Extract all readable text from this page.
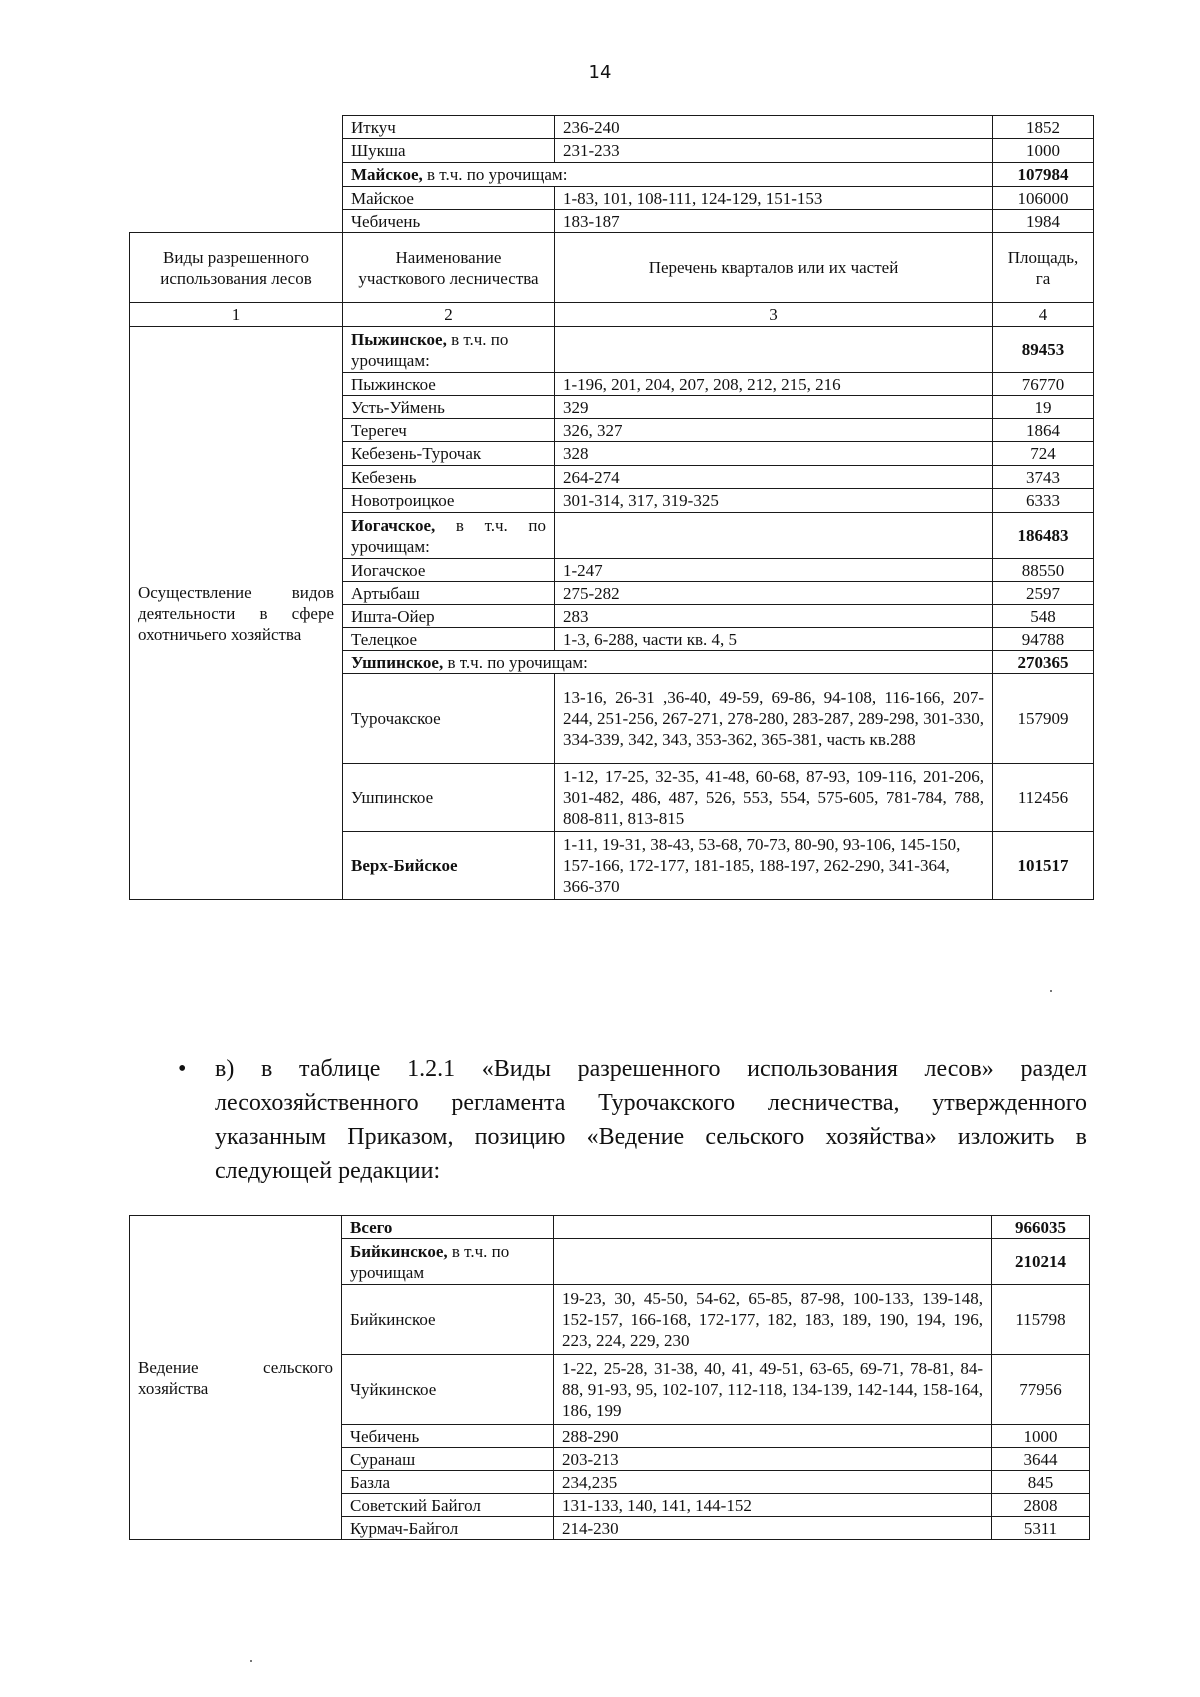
14
	Иткуч	236-240	1852
	Шукша	231-233	1000
	Майское, в т.ч. по урочищам:		107984
	Майское	1-83, 101, 108-111, 124-129, 151-153	106000
	Чебичень	183-187	1984
Виды разрешенного использования лесов	Наименование участкового лесничества	Перечень кварталов или их частей	Площадь, га
1	2	3	4
Осуществление видов деятельности в сфере охотничьего хозяйства	Пыжинское, в т.ч. по урочищам:		89453
	Пыжинское	1-196, 201, 204, 207, 208, 212, 215, 216	76770
	Усть-Уймень	329	19
	Терегеч	326, 327	1864
	Кебезень-Турочак	328	724
	Кебезень	264-274	3743
	Новотроицкое	301-314, 317, 319-325	6333
	Иогачское, в т.ч. по урочищам:		186483
	Иогачское	1-247	88550
	Артыбаш	275-282	2597
	Ишта-Ойер	283	548
	Телецкое	1-3, 6-288, части кв. 4, 5	94788
	Ушпинское, в т.ч. по урочищам:		270365
	Турочакское	13-16, 26-31 ,36-40, 49-59, 69-86, 94-108, 116-166, 207-244, 251-256, 267-271, 278-280, 283-287, 289-298, 301-330, 334-339, 342, 343, 353-362, 365-381, часть кв.288	157909
	Ушпинское	1-12, 17-25, 32-35, 41-48, 60-68, 87-93, 109-116, 201-206, 301-482, 486, 487, 526, 553, 554, 575-605, 781-784, 788, 808-811, 813-815	112456
	Верх-Бийское	1-11, 19-31, 38-43, 53-68, 70-73, 80-90, 93-106, 145-150, 157-166, 172-177, 181-185, 188-197, 262-290, 341-364, 366-370	101517
• в) в таблице 1.2.1 «Виды разрешенного использования лесов» раздел лесохозяйственного регламента Турочакского лесничества, утвержденного указанным Приказом, позицию «Ведение сельского хозяйства» изложить в следующей редакции:
Ведение сельского хозяйства	Всего		966035
	Бийкинское, в т.ч. по урочищам		210214
	Бийкинское	19-23, 30, 45-50, 54-62, 65-85, 87-98, 100-133, 139-148, 152-157, 166-168, 172-177, 182, 183, 189, 190, 194, 196, 223, 224, 229, 230	115798
	Чуйкинское	1-22, 25-28, 31-38, 40, 41, 49-51, 63-65, 69-71, 78-81, 84-88, 91-93, 95, 102-107, 112-118, 134-139, 142-144, 158-164, 186, 199	77956
	Чебичень	288-290	1000
	Суранаш	203-213	3644
	Базла	234,235	845
	Советский Байгол	131-133, 140, 141, 144-152	2808
	Курмач-Байгол	214-230	5311
